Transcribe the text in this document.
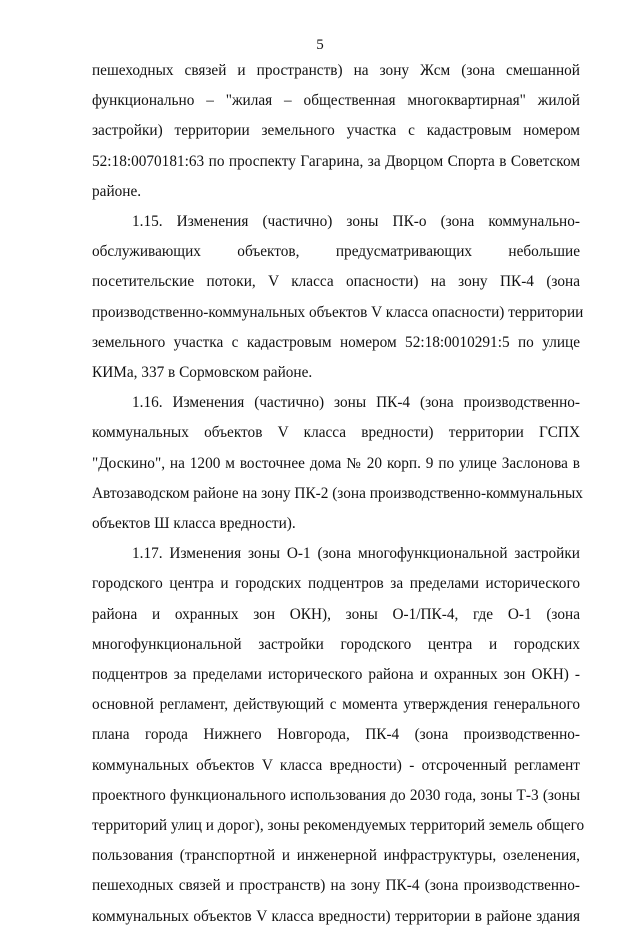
5

пешеходных связей и пространств) на зону Жсм (зона смешанной
функционально – "жилая – общественная многоквартирная" жилой
застройки) территории земельного участка с кадастровым номером
52:18:0070181:63 по проспекту Гагарина, за Дворцом Спорта в Советском
районе.

1.15. Изменения (частично) зоны ПК-о (зона коммунально-
обслуживающих объектов, предусматривающих небольшие
посетительские потоки, V класса опасности) на зону ПК-4 (зона
производственно-коммунальных объектов V класса опасности) территории
земельного участка с кадастровым номером 52:18:0010291:5 по улице
КИМа, 337 в Сормовском районе.

1.16. Изменения (частично) зоны ПК-4 (зона производственно-
коммунальных объектов V класса вредности) территории ГСПХ
"Доскино", на 1200 м восточнее дома № 20 корп. 9 по улице Заслонова в
Автозаводском районе на зону ПК-2 (зона производственно-коммунальных
объектов Ш класса вредности).

1.17. Изменения зоны О-1 (зона многофункциональной застройки
городского центра и городских подцентров за пределами исторического
района и охранных зон ОКН), зоны О-1/ПК-4, где О-1 (зона
многофункциональной застройки городского центра и городских
подцентров за пределами исторического района и охранных зон ОКН) -
основной регламент, действующий с момента утверждения генерального
плана города Нижнего Новгорода, ПК-4 (зона производственно-
коммунальных объектов V класса вредности) - отсроченный регламент
проектного функционального использования до 2030 года, зоны Т-3 (зоны
территорий улиц и дорог), зоны рекомендуемых территорий земель общего
пользования (транспортной и инженерной инфраструктуры, озеленения,
пешеходных связей и пространств) на зону ПК-4 (зона производственно-
коммунальных объектов V класса вредности) территории в районе здания
